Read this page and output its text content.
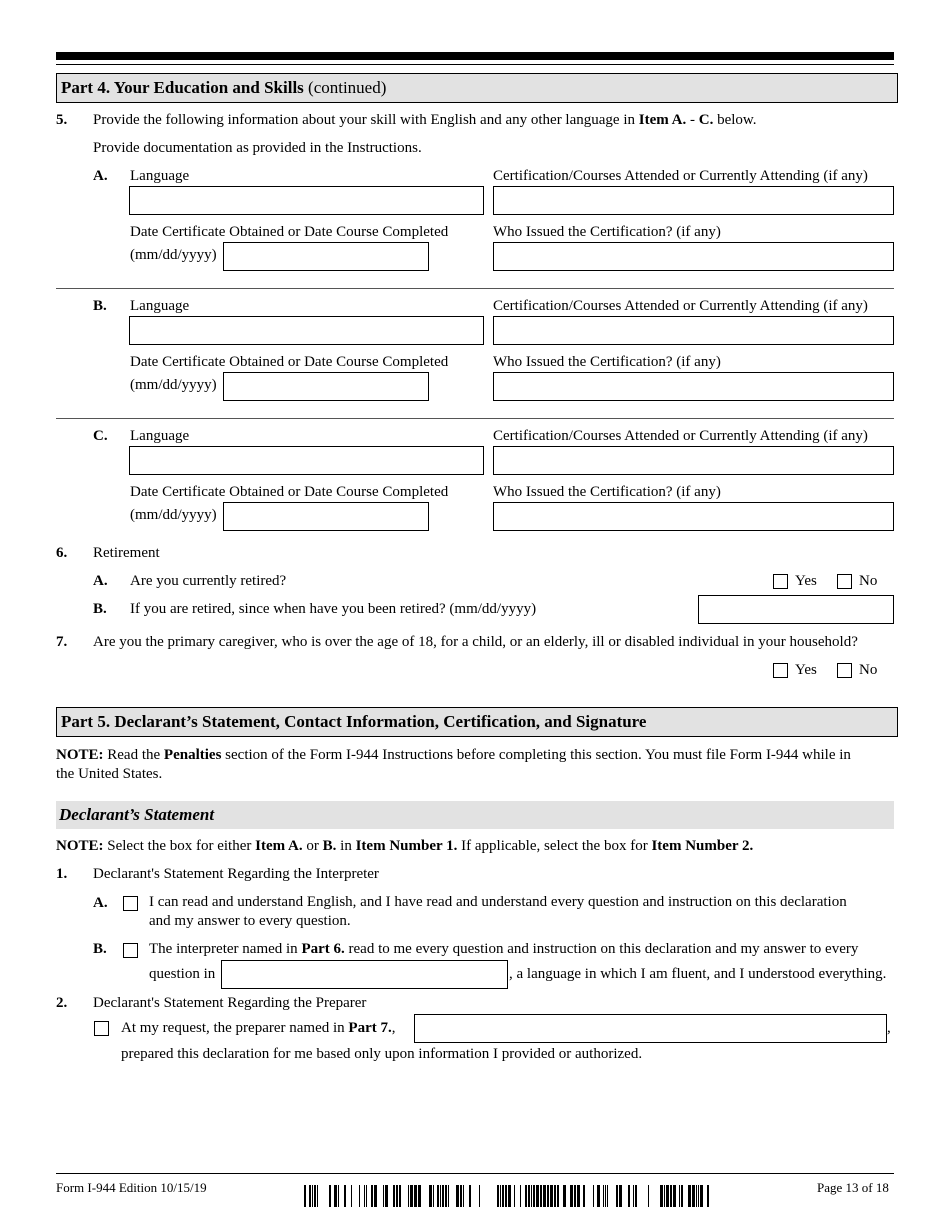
Part 4. Your Education and Skills (continued)
5. Provide the following information about your skill with English and any other language in Item A. - C. below.
Provide documentation as provided in the Instructions.
A. Language	Certification/Courses Attended or Currently Attending (if any)
Date Certificate Obtained or Date Course Completed
(mm/dd/yyyy)
Who Issued the Certification? (if any)
B. Language	Certification/Courses Attended or Currently Attending (if any)
Date Certificate Obtained or Date Course Completed
(mm/dd/yyyy)
Who Issued the Certification? (if any)
C. Language	Certification/Courses Attended or Currently Attending (if any)
Date Certificate Obtained or Date Course Completed
(mm/dd/yyyy)
Who Issued the Certification? (if any)
6. Retirement
A. Are you currently retired?	Yes	No
B. If you are retired, since when have you been retired? (mm/dd/yyyy)
7. Are you the primary caregiver, who is over the age of 18, for a child, or an elderly, ill or disabled individual in your household?
Yes	No
Part 5. Declarant’s Statement, Contact Information, Certification, and Signature
NOTE: Read the Penalties section of the Form I-944 Instructions before completing this section. You must file Form I-944 while in
the United States.
Declarant’s Statement
NOTE: Select the box for either Item A. or B. in Item Number 1. If applicable, select the box for Item Number 2.
1. Declarant's Statement Regarding the Interpreter
A.	I can read and understand English, and I have read and understand every question and instruction on this declaration
and my answer to every question.
B.	The interpreter named in Part 6. read to me every question and instruction on this declaration and my answer to every
question in	, a language in which I am fluent, and I understood everything.
2. Declarant's Statement Regarding the Preparer
At my request, the preparer named in Part 7.,	,
prepared this declaration for me based only upon information I provided or authorized.
Form I-944 Edition 10/15/19	Page 13 of 18
